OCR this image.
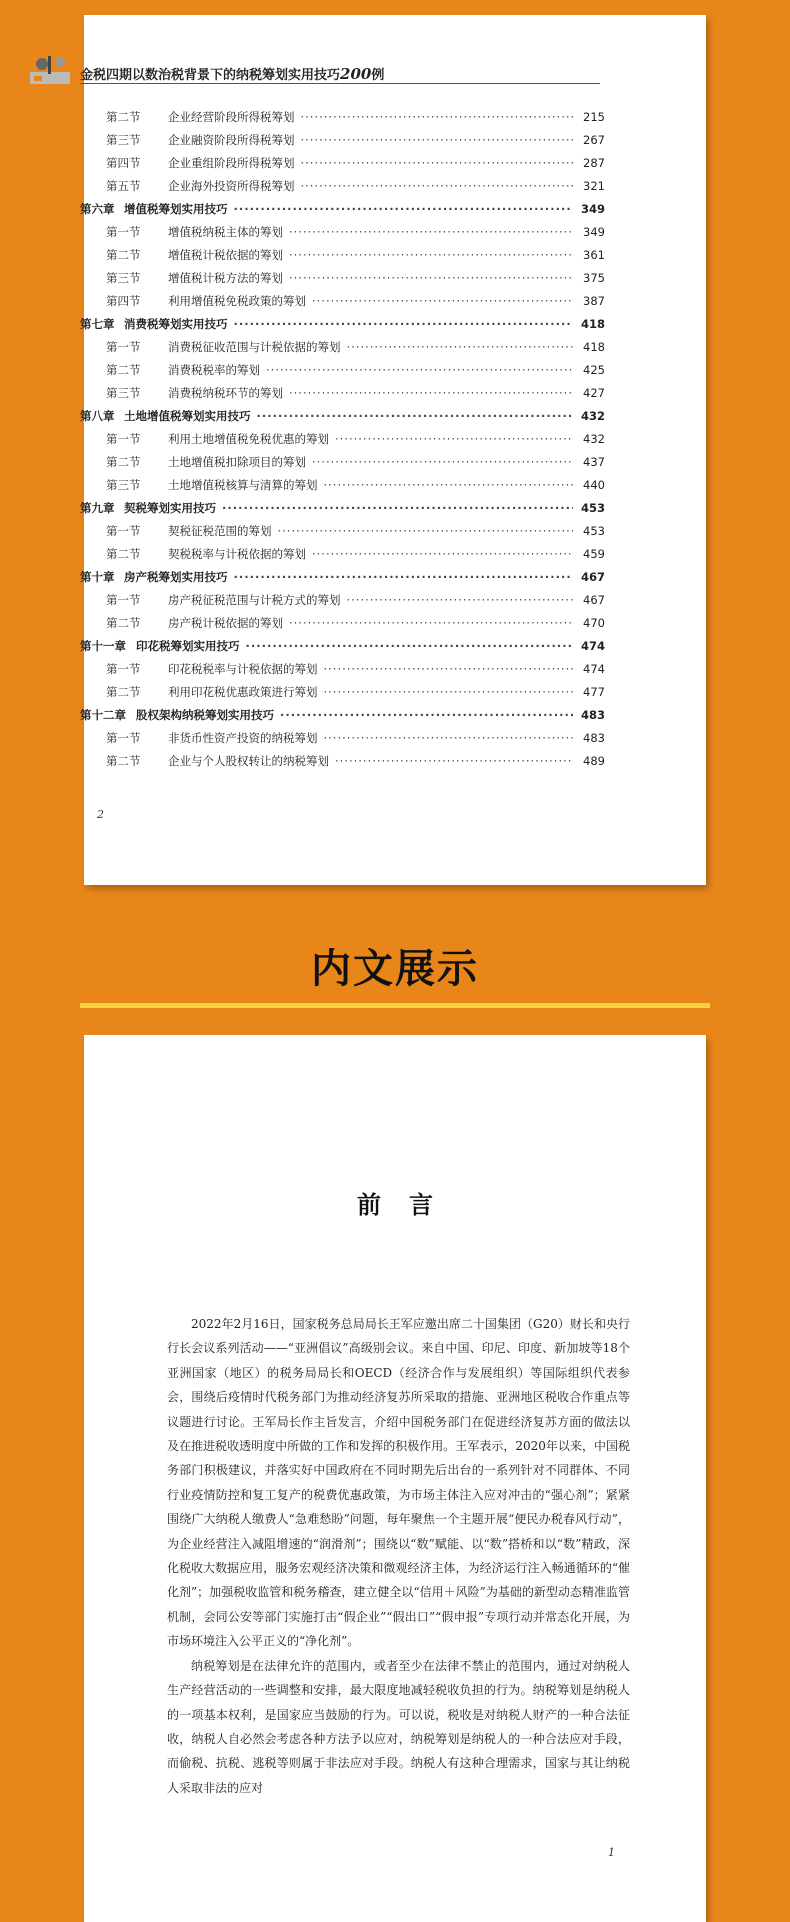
金税四期以数治税背景下的纳税筹划实用技巧200例
第二节	企业经营阶段所得税筹划 ·····	215
第三节	企业融资阶段所得税筹划 ·····	267
第四节	企业重组阶段所得税筹划 ·····	287
第五节	企业海外投资所得税筹划 ·····	321
第六章 增值税筹划实用技巧 ·····	349
第一节	增值税纳税主体的筹划 ·····	349
第二节	增值税计税依据的筹划 ·····	361
第三节	增值税计税方法的筹划 ·····	375
第四节	利用增值税免税政策的筹划 ·····	387
第七章 消费税筹划实用技巧 ·····	418
第一节	消费税征收范围与计税依据的筹划 ·····	418
第二节	消费税税率的筹划 ·····	425
第三节	消费税纳税环节的筹划 ·····	427
第八章 土地增值税筹划实用技巧 ·····	432
第一节	利用土地增值税免税优惠的筹划 ·····	432
第二节	土地增值税扣除项目的筹划 ·····	437
第三节	土地增值税核算与清算的筹划 ·····	440
第九章 契税筹划实用技巧 ·····	453
第一节	契税征税范围的筹划 ·····	453
第二节	契税税率与计税依据的筹划 ·····	459
第十章 房产税筹划实用技巧 ·····	467
第一节	房产税征税范围与计税方式的筹划 ·····	467
第二节	房产税计税依据的筹划 ·····	470
第十一章 印花税筹划实用技巧 ·····	474
第一节	印花税税率与计税依据的筹划 ·····	474
第二节	利用印花税优惠政策进行筹划 ·····	477
第十二章 股权架构纳税筹划实用技巧 ·····	483
第一节	非货币性资产投资的纳税筹划 ·····	483
第二节	企业与个人股权转让的纳税筹划 ·····	489
2
内文展示
前言

2022年2月16日，国家税务总局局长王军应邀出席二十国集团（G20）财长和央行行长会议系列活动——“亚洲倡议”高级别会议。来自中国、印尼、印度、新加坡等18个亚洲国家（地区）的税务局局长和OECD（经济合作与发展组织）等国际组织代表参会，围绕后疫情时代税务部门为推动经济复苏所采取的措施、亚洲地区税收合作重点等议题进行讨论。王军局长作主旨发言，介绍中国税务部门在促进经济复苏方面的做法以及在推进税收透明度中所做的工作和发挥的积极作用。王军表示，2020年以来，中国税务部门积极建议，并落实好中国政府在不同时期先后出台的一系列针对不同群体、不同行业疫情防控和复工复产的税费优惠政策，为市场主体注入应对冲击的“强心剂”；紧紧围绕广大纳税人缴费人“急难愁盼”问题，每年聚焦一个主题开展“便民办税春风行动”，为企业经营注入减阻增速的“润滑剂”；围绕以“数”赋能、以“数”搭桥和以“数”精政，深化税收大数据应用，服务宏观经济决策和微观经济主体，为经济运行注入畅通循环的“催化剂”；加强税收监管和税务稽查，建立健全以“信用＋风险”为基础的新型动态精准监管机制，会同公安等部门实施打击“假企业”“假出口”“假申报”专项行动并常态化开展，为市场环境注入公平正义的“净化剂”。

纳税筹划是在法律允许的范围内，或者至少在法律不禁止的范围内，通过对纳税人生产经营活动的一些调整和安排，最大限度地减轻税收负担的行为。纳税筹划是纳税人的一项基本权利，是国家应当鼓励的行为。可以说，税收是对纳税人财产的一种合法征收，纳税人自必然会考虑各种方法予以应对，纳税筹划是纳税人的一种合法应对手段，而偷税、抗税、逃税等则属于非法应对手段。纳税人有这种合理需求，国家与其让纳税人采取非法的应对

1
